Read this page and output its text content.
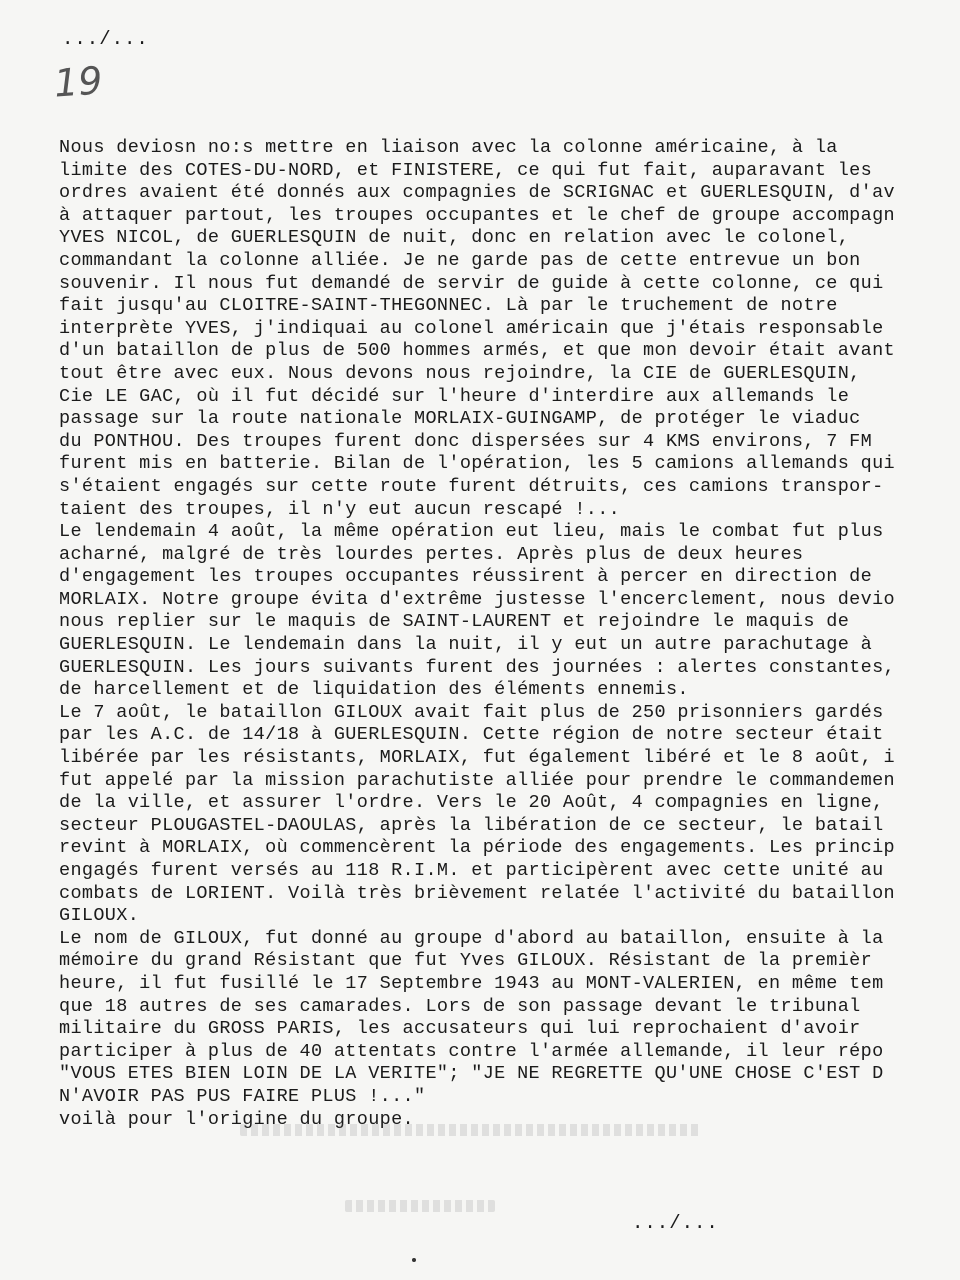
.../...
19
Nous deviosn no:s mettre en liaison avec la colonne américaine, à la
limite des COTES-DU-NORD, et FINISTERE, ce qui fut fait, auparavant les
ordres avaient été donnés aux compagnies de SCRIGNAC et GUERLESQUIN, d'av
à attaquer partout, les troupes occupantes et le chef de groupe accompagn
YVES NICOL, de GUERLESQUIN de nuit, donc en relation avec le colonel,
commandant la colonne alliée. Je ne garde pas de cette entrevue un bon
souvenir. Il nous fut demandé de servir de guide à cette colonne, ce qui
fait jusqu'au CLOITRE-SAINT-THEGONNEC. Là par le truchement de notre
interprète YVES, j'indiquai au colonel américain que j'étais responsable
d'un bataillon de plus de 500 hommes armés, et que mon devoir était avant
tout être avec eux. Nous devons nous rejoindre, la CIE de GUERLESQUIN,
Cie LE GAC, où il fut décidé sur l'heure d'interdire aux allemands le
passage sur la route nationale MORLAIX-GUINGAMP, de protéger le viaduc
du PONTHOU. Des troupes furent donc dispersées sur 4 KMS environs, 7 FM
furent mis en batterie. Bilan de l'opération, les 5 camions allemands qui
s'étaient engagés sur cette route furent détruits, ces camions transpor-
taient des troupes, il n'y eut aucun rescapé !...
Le lendemain 4 août, la même opération eut lieu, mais le combat fut plus
acharné, malgré de très lourdes pertes. Après plus de deux heures
d'engagement les troupes occupantes réussirent à percer en direction de
MORLAIX. Notre groupe évita d'extrême justesse l'encerclement, nous devio
nous replier sur le maquis de SAINT-LAURENT et rejoindre le maquis de
GUERLESQUIN. Le lendemain dans la nuit, il y eut un autre parachutage à
GUERLESQUIN. Les jours suivants furent des journées : alertes constantes,
de harcellement et de liquidation des éléments ennemis.
Le 7 août, le bataillon GILOUX avait fait plus de 250 prisonniers gardés
par les A.C. de 14/18 à GUERLESQUIN. Cette région de notre secteur était
libérée par les résistants, MORLAIX, fut également libéré et le 8 août, i
fut appelé par la mission parachutiste alliée pour prendre le commandemen
de la ville, et assurer l'ordre. Vers le 20 Août, 4 compagnies en ligne,
secteur PLOUGASTEL-DAOULAS, après la libération de ce secteur, le batail
revint à MORLAIX, où commencèrent la période des engagements. Les princip
engagés furent versés au 118 R.I.M. et participèrent avec cette unité au
combats de LORIENT. Voilà très brièvement relatée l'activité du bataillon
GILOUX.
Le nom de GILOUX, fut donné au groupe d'abord au bataillon, ensuite à la
mémoire du grand Résistant que fut Yves GILOUX. Résistant de la premièr
heure, il fut fusillé le 17 Septembre 1943 au MONT-VALERIEN, en même tem
que 18 autres de ses camarades. Lors de son passage devant le tribunal
militaire du GROSS PARIS, les accusateurs qui lui reprochaient d'avoir
participer à plus de 40 attentats contre l'armée allemande, il leur répo
"VOUS ETES BIEN LOIN DE LA VERITE"; "JE NE REGRETTE QU'UNE CHOSE C'EST D
N'AVOIR PAS PUS FAIRE PLUS !..."
voilà pour l'origine du groupe.
.../...
